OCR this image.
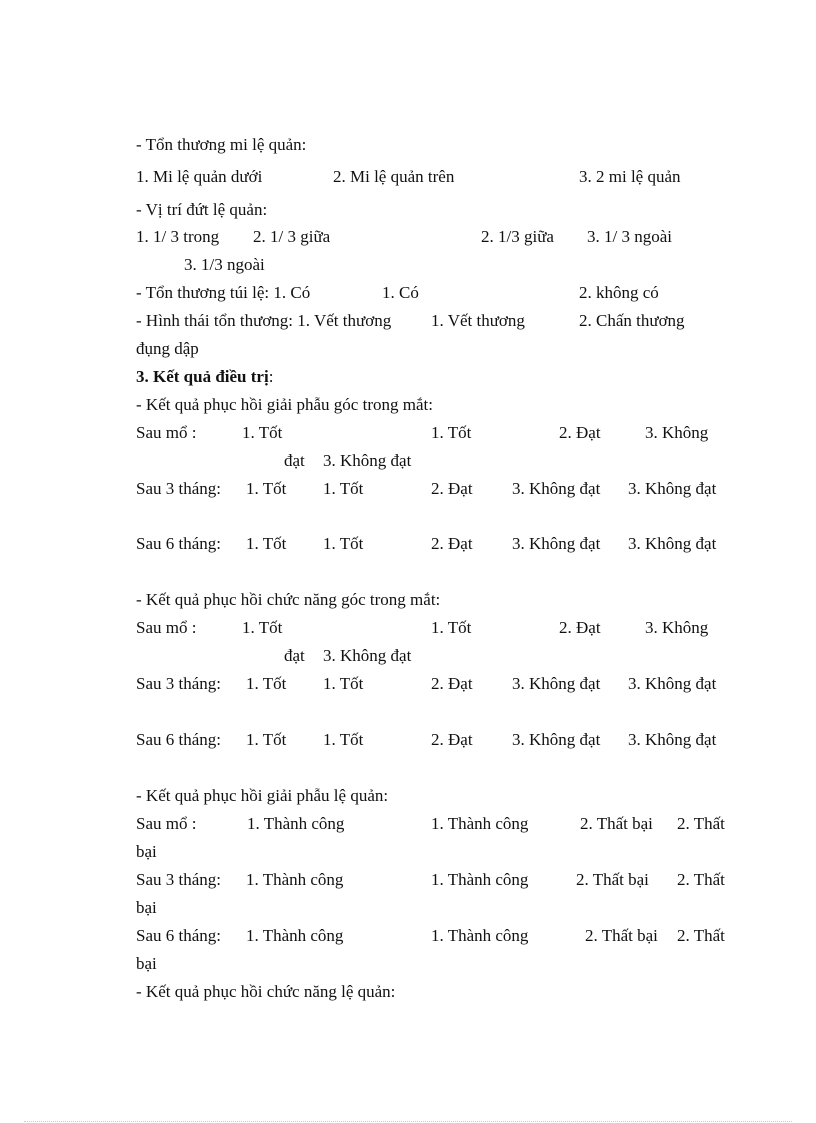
- Tổn thương mi lệ quản:
1. Mi lệ quản dưới	2. Mi lệ quản trên	3. 2 mi lệ quản
- Vị trí đứt lệ quản:
1. 1/ 3 trong 2. 1/ 3 giữa	2. 1/3 giữa 3. 1/ 3 ngoài
3. 1/3 ngoài
- Tổn thương túi lệ: 1. Có	1. Có	2. không có
- Hình thái tổn thương: 1. Vết thương 1. Vết thương	2. Chấn thương
đụng dập
3. Kết quả điều trị:
- Kết quả phục hồi giải phẫu góc trong mắt:
Sau mổ :	1. Tốt	1. Tốt	2. Đạt	3. Không
đạt 3. Không đạt
Sau 3 tháng: 1. Tốt 1. Tốt	2. Đạt 3. Không đạt 3. Không đạt
Sau 6 tháng: 1. Tốt 1. Tốt	2. Đạt 3. Không đạt 3. Không đạt
- Kết quả phục hồi chức năng góc trong mắt:
Sau mổ :	1. Tốt	1. Tốt	2. Đạt	3. Không
đạt 3. Không đạt
Sau 3 tháng: 1. Tốt 1. Tốt	2. Đạt 3. Không đạt 3. Không đạt
Sau 6 tháng: 1. Tốt 1. Tốt	2. Đạt 3. Không đạt 3. Không đạt
- Kết quả phục hồi giải phẫu lệ quản:
Sau mổ :	1. Thành công	1. Thành công	2. Thất bại 2. Thất
bại
Sau 3 tháng: 1. Thành công	1. Thành công	2. Thất bại 2. Thất
bại
Sau 6 tháng: 1. Thành công	1. Thành công	2. Thất bại 2. Thất
bại
- Kết quả phục hồi chức năng lệ quản:
